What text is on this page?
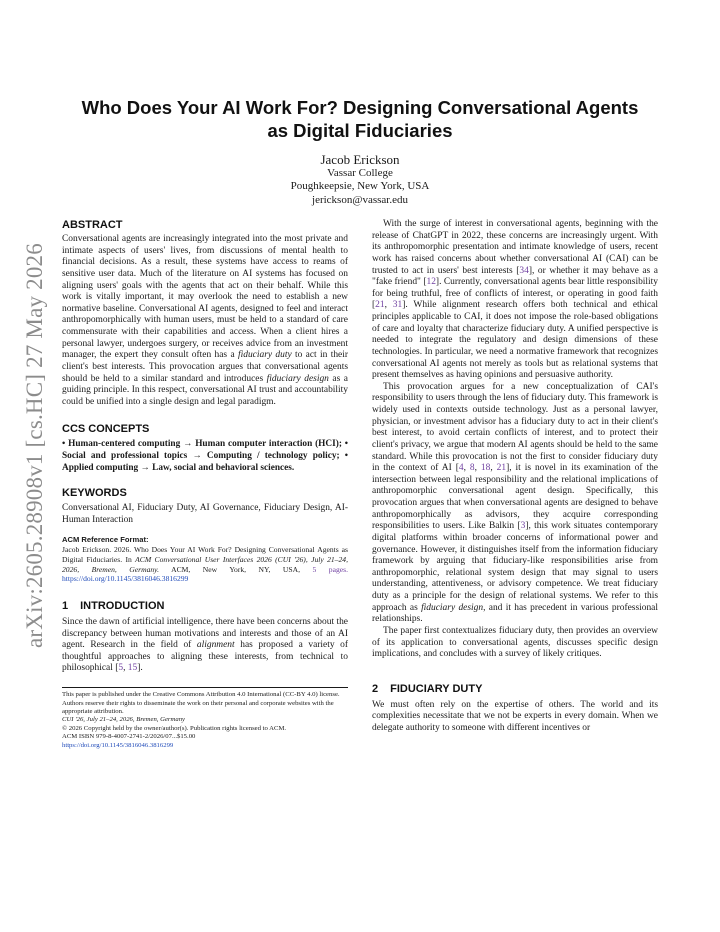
arXiv:2605.28908v1 [cs.HC] 27 May 2026
Who Does Your AI Work For? Designing Conversational Agents
as Digital Fiduciaries
Jacob Erickson
Vassar College
Poughkeepsie, New York, USA
jerickson@vassar.edu
ABSTRACT

Conversational agents are increasingly integrated into the most private and intimate aspects of users' lives, from discussions of mental health to financial decisions. As a result, these systems have access to reams of sensitive user data. Much of the literature on AI systems has focused on aligning users' goals with the agents that act on their behalf. While this work is vitally important, it may overlook the need to establish a new normative baseline. Conversational AI agents, designed to feel and interact anthropomorphically with human users, must be held to a standard of care commensurate with their capabilities and access. When a client hires a personal lawyer, undergoes surgery, or receives advice from an investment manager, the expert they consult often has a fiduciary duty to act in their client's best interests. This provocation argues that conversational agents should be held to a similar standard and introduces fiduciary design as a guiding principle. In this respect, conversational AI trust and accountability could be unified into a single design and legal paradigm.

CCS CONCEPTS

• Human-centered computing → Human computer interaction (HCI); • Social and professional topics → Computing / technology policy; • Applied computing → Law, social and behavioral sciences.

KEYWORDS

Conversational AI, Fiduciary Duty, AI Governance, Fiduciary Design, AI-Human Interaction

ACM Reference Format:
Jacob Erickson. 2026. Who Does Your AI Work For? Designing Conversational Agents as Digital Fiduciaries. In ACM Conversational User Interfaces 2026 (CUI '26), July 21–24, 2026, Bremen, Germany. ACM, New York, NY, USA, 5 pages. https://doi.org/10.1145/3816046.3816299

1 INTRODUCTION

Since the dawn of artificial intelligence, there have been concerns about the discrepancy between human motivations and interests and those of an AI agent. Research in the field of alignment has proposed a variety of thoughtful approaches to aligning these interests, from technical to philosophical [5, 15].

This paper is published under the Creative Commons Attribution 4.0 International (CC-BY 4.0) license. Authors reserve their rights to disseminate the work on their personal and corporate websites with the appropriate attribution.

CUI '26, July 21–24, 2026, Bremen, Germany

© 2026 Copyright held by the owner/author(s). Publication rights licensed to ACM.

ACM ISBN 979-8-4007-2741-2/2026/07...$15.00

https://doi.org/10.1145/3816046.3816299

With the surge of interest in conversational agents, beginning with the release of ChatGPT in 2022, these concerns are increasingly urgent. With its anthropomorphic presentation and intimate knowledge of users, recent work has raised concerns about whether conversational AI (CAI) can be trusted to act in users' best interests [34], or whether it may behave as a "fake friend" [12]. Currently, conversational agents bear little responsibility for being truthful, free of conflicts of interest, or operating in good faith [21, 31]. While alignment research offers both technical and ethical principles applicable to CAI, it does not impose the role-based obligations of care and loyalty that characterize fiduciary duty. A unified perspective is needed to integrate the regulatory and design dimensions of these technologies. In particular, we need a normative framework that recognizes conversational AI agents not merely as tools but as relational systems that present themselves as having opinions and persuasive authority.

This provocation argues for a new conceptualization of CAI's responsibility to users through the lens of fiduciary duty. This framework is widely used in contexts outside technology. Just as a personal lawyer, physician, or investment advisor has a fiduciary duty to act in their client's best interest, to avoid certain conflicts of interest, and to protect their client's privacy, we argue that modern AI agents should be held to the same standard. While this provocation is not the first to consider fiduciary duty in the context of AI [4, 8, 18, 21], it is novel in its examination of the intersection between legal responsibility and the relational implications of anthropomorphic conversational agent design. Specifically, this provocation argues that when conversational agents are designed to behave anthropomorphically as advisors, they acquire corresponding responsibilities to users. Like Balkin [3], this work situates contemporary digital platforms within broader concerns of informational power and governance. However, it distinguishes itself from the information fiduciary framework by arguing that fiduciary-like responsibilities arise from anthropomorphic, relational system design that may signal to users understanding, attentiveness, or advisory competence. We treat fiduciary duty as a principle for the design of relational systems. We refer to this approach as fiduciary design, and it has precedent in various professional relationships.

The paper first contextualizes fiduciary duty, then provides an overview of its application to conversational agents, discusses specific design implications, and concludes with a survey of likely critiques.

2 FIDUCIARY DUTY

We must often rely on the expertise of others. The world and its complexities necessitate that we not be experts in every domain. When we delegate authority to someone with different incentives or
